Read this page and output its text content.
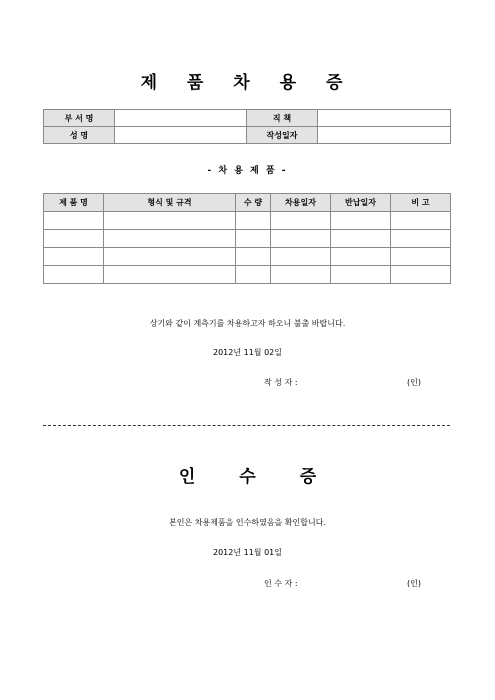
제 품 차 용 증
부 서 명		직 책	
성 명		작성일자	
- 차 용 제 품 -
제 품 명	형식 및 규격	수 량	차용일자	반납일자	비 고

상기와 같이 계측기를 차용하고자 하오니 불출 바랍니다.
2012년 11월 02일
작 성 자 :	(인)
인	수	증
본인은 차용제품을 인수하였음을 확인합니다.
2012년 11월 01일
인 수 자 :	(인)
